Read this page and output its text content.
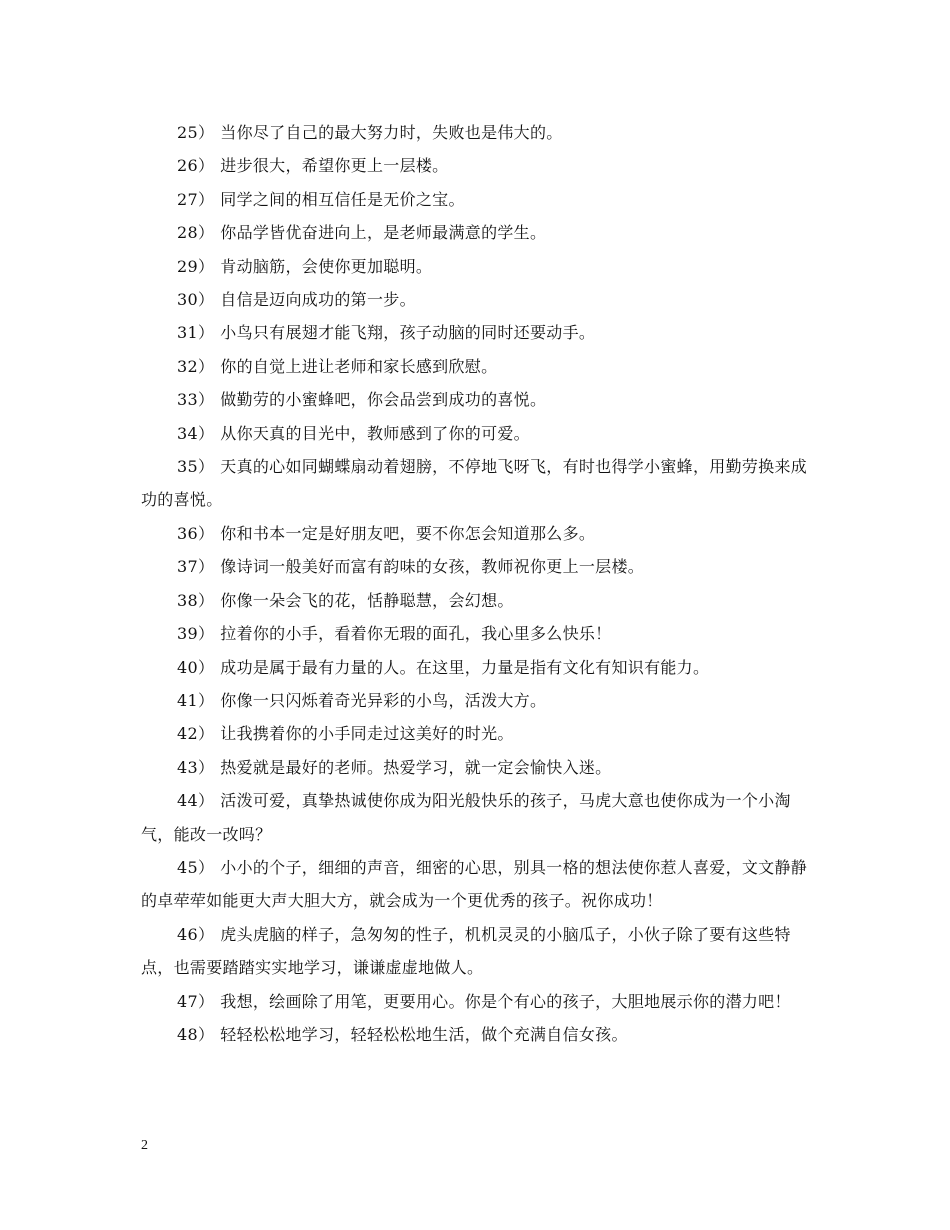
25） 当你尽了自己的最大努力时，失败也是伟大的。

26） 进步很大，希望你更上一层楼。

27） 同学之间的相互信任是无价之宝。

28） 你品学皆优奋进向上，是老师最满意的学生。

29） 肯动脑筋，会使你更加聪明。

30） 自信是迈向成功的第一步。

31） 小鸟只有展翅才能飞翔，孩子动脑的同时还要动手。

32） 你的自觉上进让老师和家长感到欣慰。

33） 做勤劳的小蜜蜂吧，你会品尝到成功的喜悦。

34） 从你天真的目光中，教师感到了你的可爱。

35） 天真的心如同蝴蝶扇动着翅膀，不停地飞呀飞，有时也得学小蜜蜂，用勤劳换来成功的喜悦。

36） 你和书本一定是好朋友吧，要不你怎会知道那么多。

37） 像诗词一般美好而富有韵味的女孩，教师祝你更上一层楼。

38） 你像一朵会飞的花，恬静聪慧，会幻想。

39） 拉着你的小手，看着你无瑕的面孔，我心里多么快乐！

40） 成功是属于最有力量的人。在这里，力量是指有文化有知识有能力。

41） 你像一只闪烁着奇光异彩的小鸟，活泼大方。

42） 让我携着你的小手同走过这美好的时光。

43） 热爱就是最好的老师。热爱学习，就一定会愉快入迷。

44） 活泼可爱，真挚热诚使你成为阳光般快乐的孩子，马虎大意也使你成为一个小淘气，能改一改吗？

45） 小小的个子，细细的声音，细密的心思，别具一格的想法使你惹人喜爱，文文静静的卓荦荦如能更大声大胆大方，就会成为一个更优秀的孩子。祝你成功！

46） 虎头虎脑的样子，急匆匆的性子，机机灵灵的小脑瓜子，小伙子除了要有这些特点，也需要踏踏实实地学习，谦谦虚虚地做人。

47） 我想，绘画除了用笔，更要用心。你是个有心的孩子，大胆地展示你的潜力吧！

48） 轻轻松松地学习，轻轻松松地生活，做个充满自信女孩。

2
